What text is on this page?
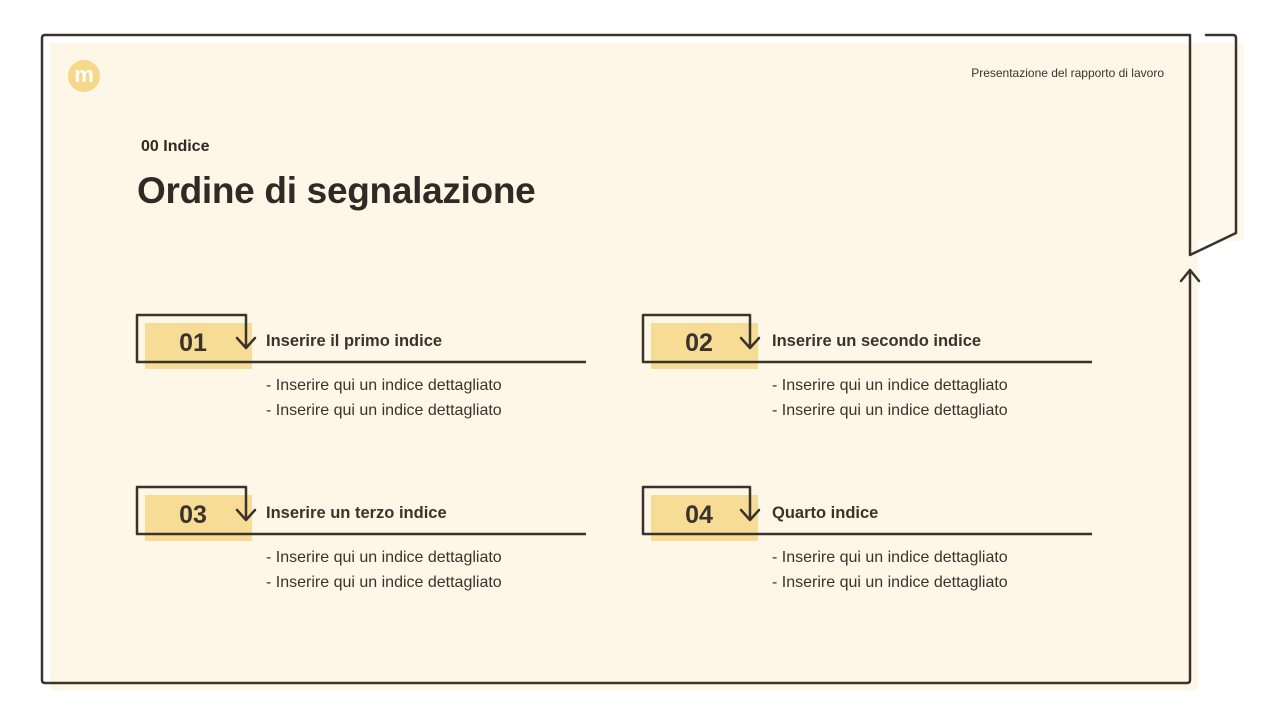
m	Presentazione del rapporto di lavoro
00 Indice
Ordine di segnalazione
01	Inserire il primo indice
- Inserire qui un indice dettagliato
- Inserire qui un indice dettagliato
02	Inserire un secondo indice
- Inserire qui un indice dettagliato
- Inserire qui un indice dettagliato
03	Inserire un terzo indice
- Inserire qui un indice dettagliato
- Inserire qui un indice dettagliato
04	Quarto indice
- Inserire qui un indice dettagliato
- Inserire qui un indice dettagliato
